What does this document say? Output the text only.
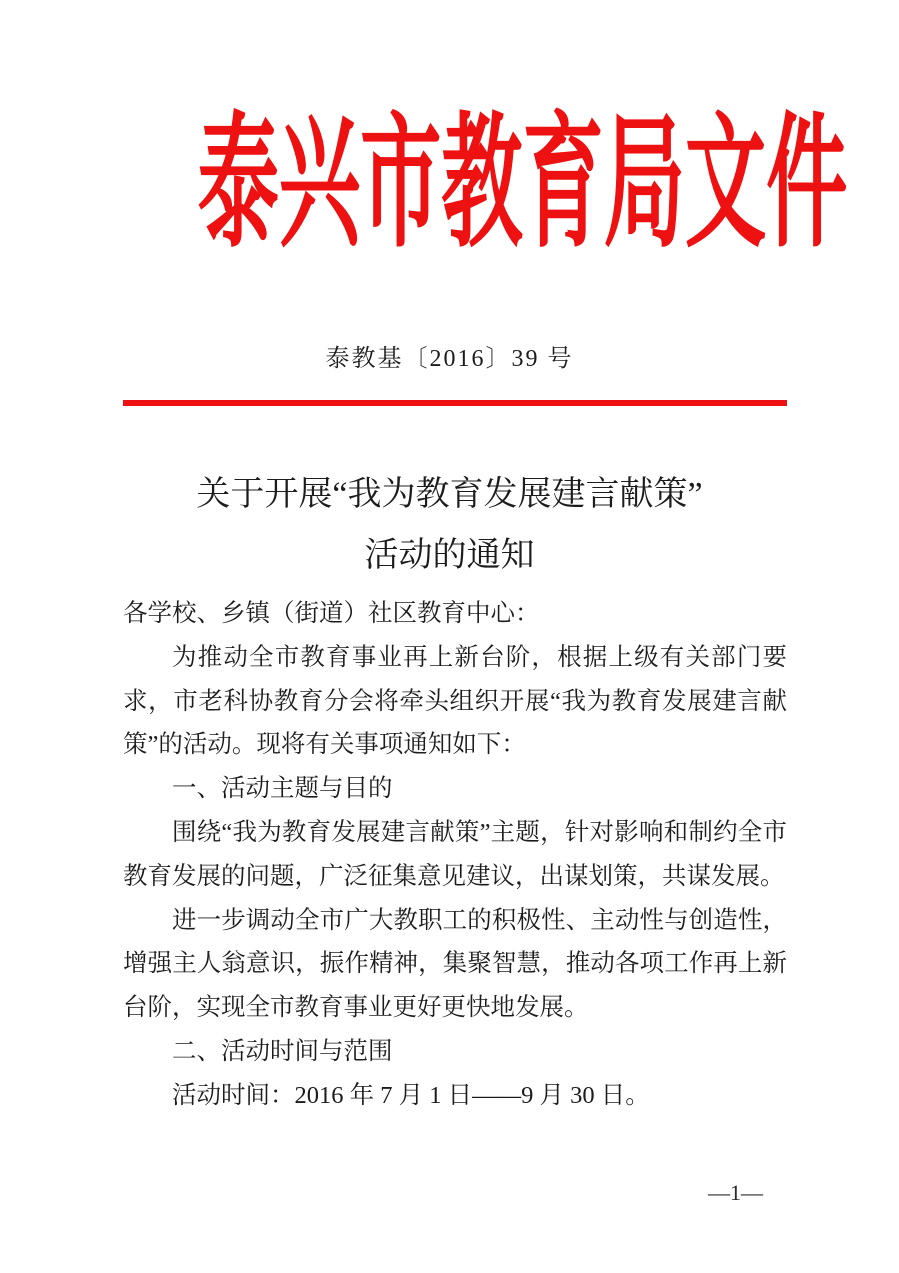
泰兴市教育局文件
泰教基〔2016〕39 号
关于开展“我为教育发展建言献策”
活动的通知

各学校、乡镇（街道）社区教育中心：

为推动全市教育事业再上新台阶，根据上级有关部门要求，市老科协教育分会将牵头组织开展“我为教育发展建言献策”的活动。现将有关事项通知如下：

一、活动主题与目的

围绕“我为教育发展建言献策”主题，针对影响和制约全市教育发展的问题，广泛征集意见建议，出谋划策，共谋发展。

进一步调动全市广大教职工的积极性、主动性与创造性，增强主人翁意识，振作精神，集聚智慧，推动各项工作再上新台阶，实现全市教育事业更好更快地发展。

二、活动时间与范围

活动时间：2016 年 7 月 1 日——9 月 30 日。

—1—
